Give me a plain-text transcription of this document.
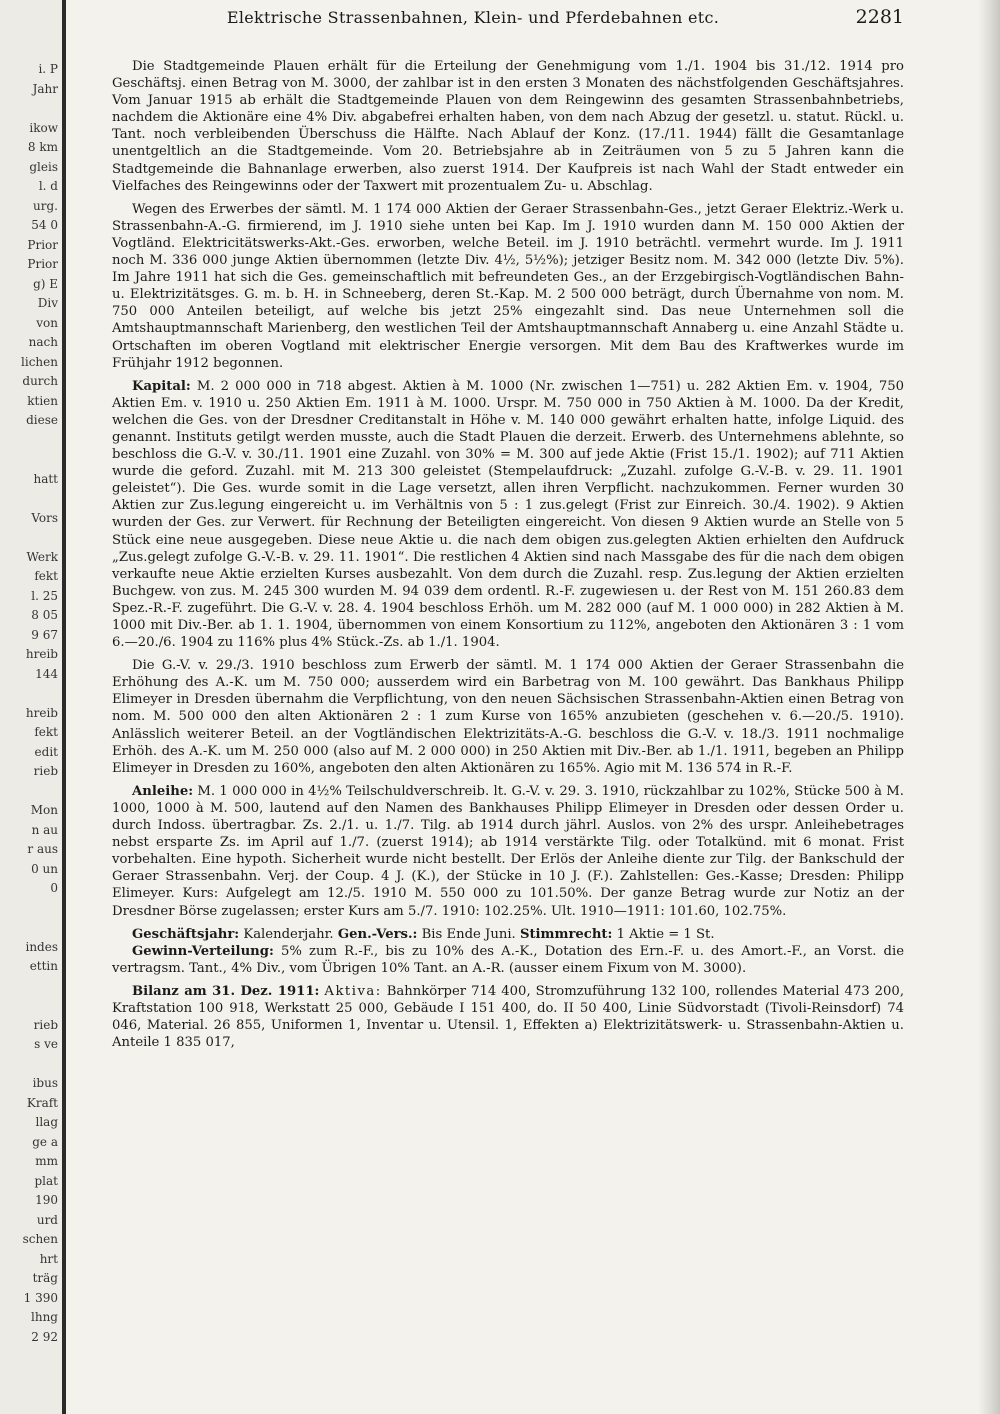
i. P
Jahr
ikow
8 km
gleis
l. d
urg.
54 0
Prior
Prior
g) E
Div
von
nach
lichen
durch
ktien
diese
hatt
Vors
Werk
fekt
l. 25
8 05
9 67
hreib
144
hreib
fekt
edit
rieb
Mon
n au
r aus
0 un
0
indes
ettin
rieb
s ve
ibus
Kraft
llag
ge a
mm
plat
190
urd
schen
hrt
träg
1 390
lhng
2 92
Elektrische Strassenbahnen, Klein- und Pferdebahnen etc.	2281

Die Stadtgemeinde Plauen erhält für die Erteilung der Genehmigung vom 1./1. 1904 bis 31./12. 1914 pro Geschäftsj. einen Betrag von M. 3000, der zahlbar ist in den ersten 3 Monaten des nächstfolgenden Geschäftsjahres. Vom Januar 1915 ab erhält die Stadtgemeinde Plauen von dem Reingewinn des gesamten Strassenbahnbetriebs, nachdem die Aktionäre eine 4% Div. abgabefrei erhalten haben, von dem nach Abzug der gesetzl. u. statut. Rückl. u. Tant. noch verbleibenden Überschuss die Hälfte. Nach Ablauf der Konz. (17./11. 1944) fällt die Gesamtanlage unentgeltlich an die Stadtgemeinde. Vom 20. Betriebsjahre ab in Zeiträumen von 5 zu 5 Jahren kann die Stadtgemeinde die Bahnanlage erwerben, also zuerst 1914. Der Kaufpreis ist nach Wahl der Stadt entweder ein Vielfaches des Reingewinns oder der Taxwert mit prozentualem Zu- u. Abschlag.

Wegen des Erwerbes der sämtl. M. 1 174 000 Aktien der Geraer Strassenbahn-Ges., jetzt Geraer Elektriz.-Werk u. Strassenbahn-A.-G. firmierend, im J. 1910 siehe unten bei Kap. Im J. 1910 wurden dann M. 150 000 Aktien der Vogtländ. Elektricitätswerks-Akt.-Ges. erworben, welche Beteil. im J. 1910 beträchtl. vermehrt wurde. Im J. 1911 noch M. 336 000 junge Aktien übernommen (letzte Div. 4½, 5½%); jetziger Besitz nom. M. 342 000 (letzte Div. 5%). Im Jahre 1911 hat sich die Ges. gemeinschaftlich mit befreundeten Ges., an der Erzgebirgisch-Vogtländischen Bahn- u. Elektrizitätsges. G. m. b. H. in Schneeberg, deren St.-Kap. M. 2 500 000 beträgt, durch Übernahme von nom. M. 750 000 Anteilen beteiligt, auf welche bis jetzt 25% eingezahlt sind. Das neue Unternehmen soll die Amtshauptmannschaft Marienberg, den westlichen Teil der Amtshauptmannschaft Annaberg u. eine Anzahl Städte u. Ortschaften im oberen Vogtland mit elektrischer Energie versorgen. Mit dem Bau des Kraftwerkes wurde im Frühjahr 1912 begonnen.

Kapital: M. 2 000 000 in 718 abgest. Aktien à M. 1000 (Nr. zwischen 1—751) u. 282 Aktien Em. v. 1904, 750 Aktien Em. v. 1910 u. 250 Aktien Em. 1911 à M. 1000. Urspr. M. 750 000 in 750 Aktien à M. 1000. Da der Kredit, welchen die Ges. von der Dresdner Creditanstalt in Höhe v. M. 140 000 gewährt erhalten hatte, infolge Liquid. des genannt. Instituts getilgt werden musste, auch die Stadt Plauen die derzeit. Erwerb. des Unternehmens ablehnte, so beschloss die G.-V. v. 30./11. 1901 eine Zuzahl. von 30% = M. 300 auf jede Aktie (Frist 15./1. 1902); auf 711 Aktien wurde die geford. Zuzahl. mit M. 213 300 geleistet (Stempelaufdruck: „Zuzahl. zufolge G.-V.-B. v. 29. 11. 1901 geleistet“). Die Ges. wurde somit in die Lage versetzt, allen ihren Verpflicht. nachzukommen. Ferner wurden 30 Aktien zur Zus.legung eingereicht u. im Verhältnis von 5 : 1 zus.gelegt (Frist zur Einreich. 30./4. 1902). 9 Aktien wurden der Ges. zur Verwert. für Rechnung der Beteiligten eingereicht. Von diesen 9 Aktien wurde an Stelle von 5 Stück eine neue ausgegeben. Diese neue Aktie u. die nach dem obigen zus.gelegten Aktien erhielten den Aufdruck „Zus.gelegt zufolge G.-V.-B. v. 29. 11. 1901“. Die restlichen 4 Aktien sind nach Massgabe des für die nach dem obigen verkaufte neue Aktie erzielten Kurses ausbezahlt. Von dem durch die Zuzahl. resp. Zus.legung der Aktien erzielten Buchgew. von zus. M. 245 300 wurden M. 94 039 dem ordentl. R.-F. zugewiesen u. der Rest von M. 151 260.83 dem Spez.-R.-F. zugeführt. Die G.-V. v. 28. 4. 1904 beschloss Erhöh. um M. 282 000 (auf M. 1 000 000) in 282 Aktien à M. 1000 mit Div.-Ber. ab 1. 1. 1904, übernommen von einem Konsortium zu 112%, angeboten den Aktionären 3 : 1 vom 6.—20./6. 1904 zu 116% plus 4% Stück.-Zs. ab 1./1. 1904.

Die G.-V. v. 29./3. 1910 beschloss zum Erwerb der sämtl. M. 1 174 000 Aktien der Geraer Strassenbahn die Erhöhung des A.-K. um M. 750 000; ausserdem wird ein Barbetrag von M. 100 gewährt. Das Bankhaus Philipp Elimeyer in Dresden übernahm die Verpflichtung, von den neuen Sächsischen Strassenbahn-Aktien einen Betrag von nom. M. 500 000 den alten Aktionären 2 : 1 zum Kurse von 165% anzubieten (geschehen v. 6.—20./5. 1910). Anlässlich weiterer Beteil. an der Vogtländischen Elektrizitäts-A.-G. beschloss die G.-V. v. 18./3. 1911 nochmalige Erhöh. des A.-K. um M. 250 000 (also auf M. 2 000 000) in 250 Aktien mit Div.-Ber. ab 1./1. 1911, begeben an Philipp Elimeyer in Dresden zu 160%, angeboten den alten Aktionären zu 165%. Agio mit M. 136 574 in R.-F.

Anleihe: M. 1 000 000 in 4½% Teilschuldverschreib. lt. G.-V. v. 29. 3. 1910, rückzahlbar zu 102%, Stücke 500 à M. 1000, 1000 à M. 500, lautend auf den Namen des Bankhauses Philipp Elimeyer in Dresden oder dessen Order u. durch Indoss. übertragbar. Zs. 2./1. u. 1./7. Tilg. ab 1914 durch jährl. Auslos. von 2% des urspr. Anleihebetrages nebst ersparte Zs. im April auf 1./7. (zuerst 1914); ab 1914 verstärkte Tilg. oder Totalkünd. mit 6 monat. Frist vorbehalten. Eine hypoth. Sicherheit wurde nicht bestellt. Der Erlös der Anleihe diente zur Tilg. der Bankschuld der Geraer Strassenbahn. Verj. der Coup. 4 J. (K.), der Stücke in 10 J. (F.). Zahlstellen: Ges.-Kasse; Dresden: Philipp Elimeyer. Kurs: Aufgelegt am 12./5. 1910 M. 550 000 zu 101.50%. Der ganze Betrag wurde zur Notiz an der Dresdner Börse zugelassen; erster Kurs am 5./7. 1910: 102.25%. Ult. 1910—1911: 101.60, 102.75%.

Geschäftsjahr: Kalenderjahr. Gen.-Vers.: Bis Ende Juni. Stimmrecht: 1 Aktie = 1 St.

Gewinn-Verteilung: 5% zum R.-F., bis zu 10% des A.-K., Dotation des Ern.-F. u. des Amort.-F., an Vorst. die vertragsm. Tant., 4% Div., vom Übrigen 10% Tant. an A.-R. (ausser einem Fixum von M. 3000).

Bilanz am 31. Dez. 1911: Aktiva: Bahnkörper 714 400, Stromzuführung 132 100, rollendes Material 473 200, Kraftstation 100 918, Werkstatt 25 000, Gebäude I 151 400, do. II 50 400, Linie Südvorstadt (Tivoli-Reinsdorf) 74 046, Material. 26 855, Uniformen 1, Inventar u. Utensil. 1, Effekten a) Elektrizitätswerk- u. Strassenbahn-Aktien u. Anteile 1 835 017,
